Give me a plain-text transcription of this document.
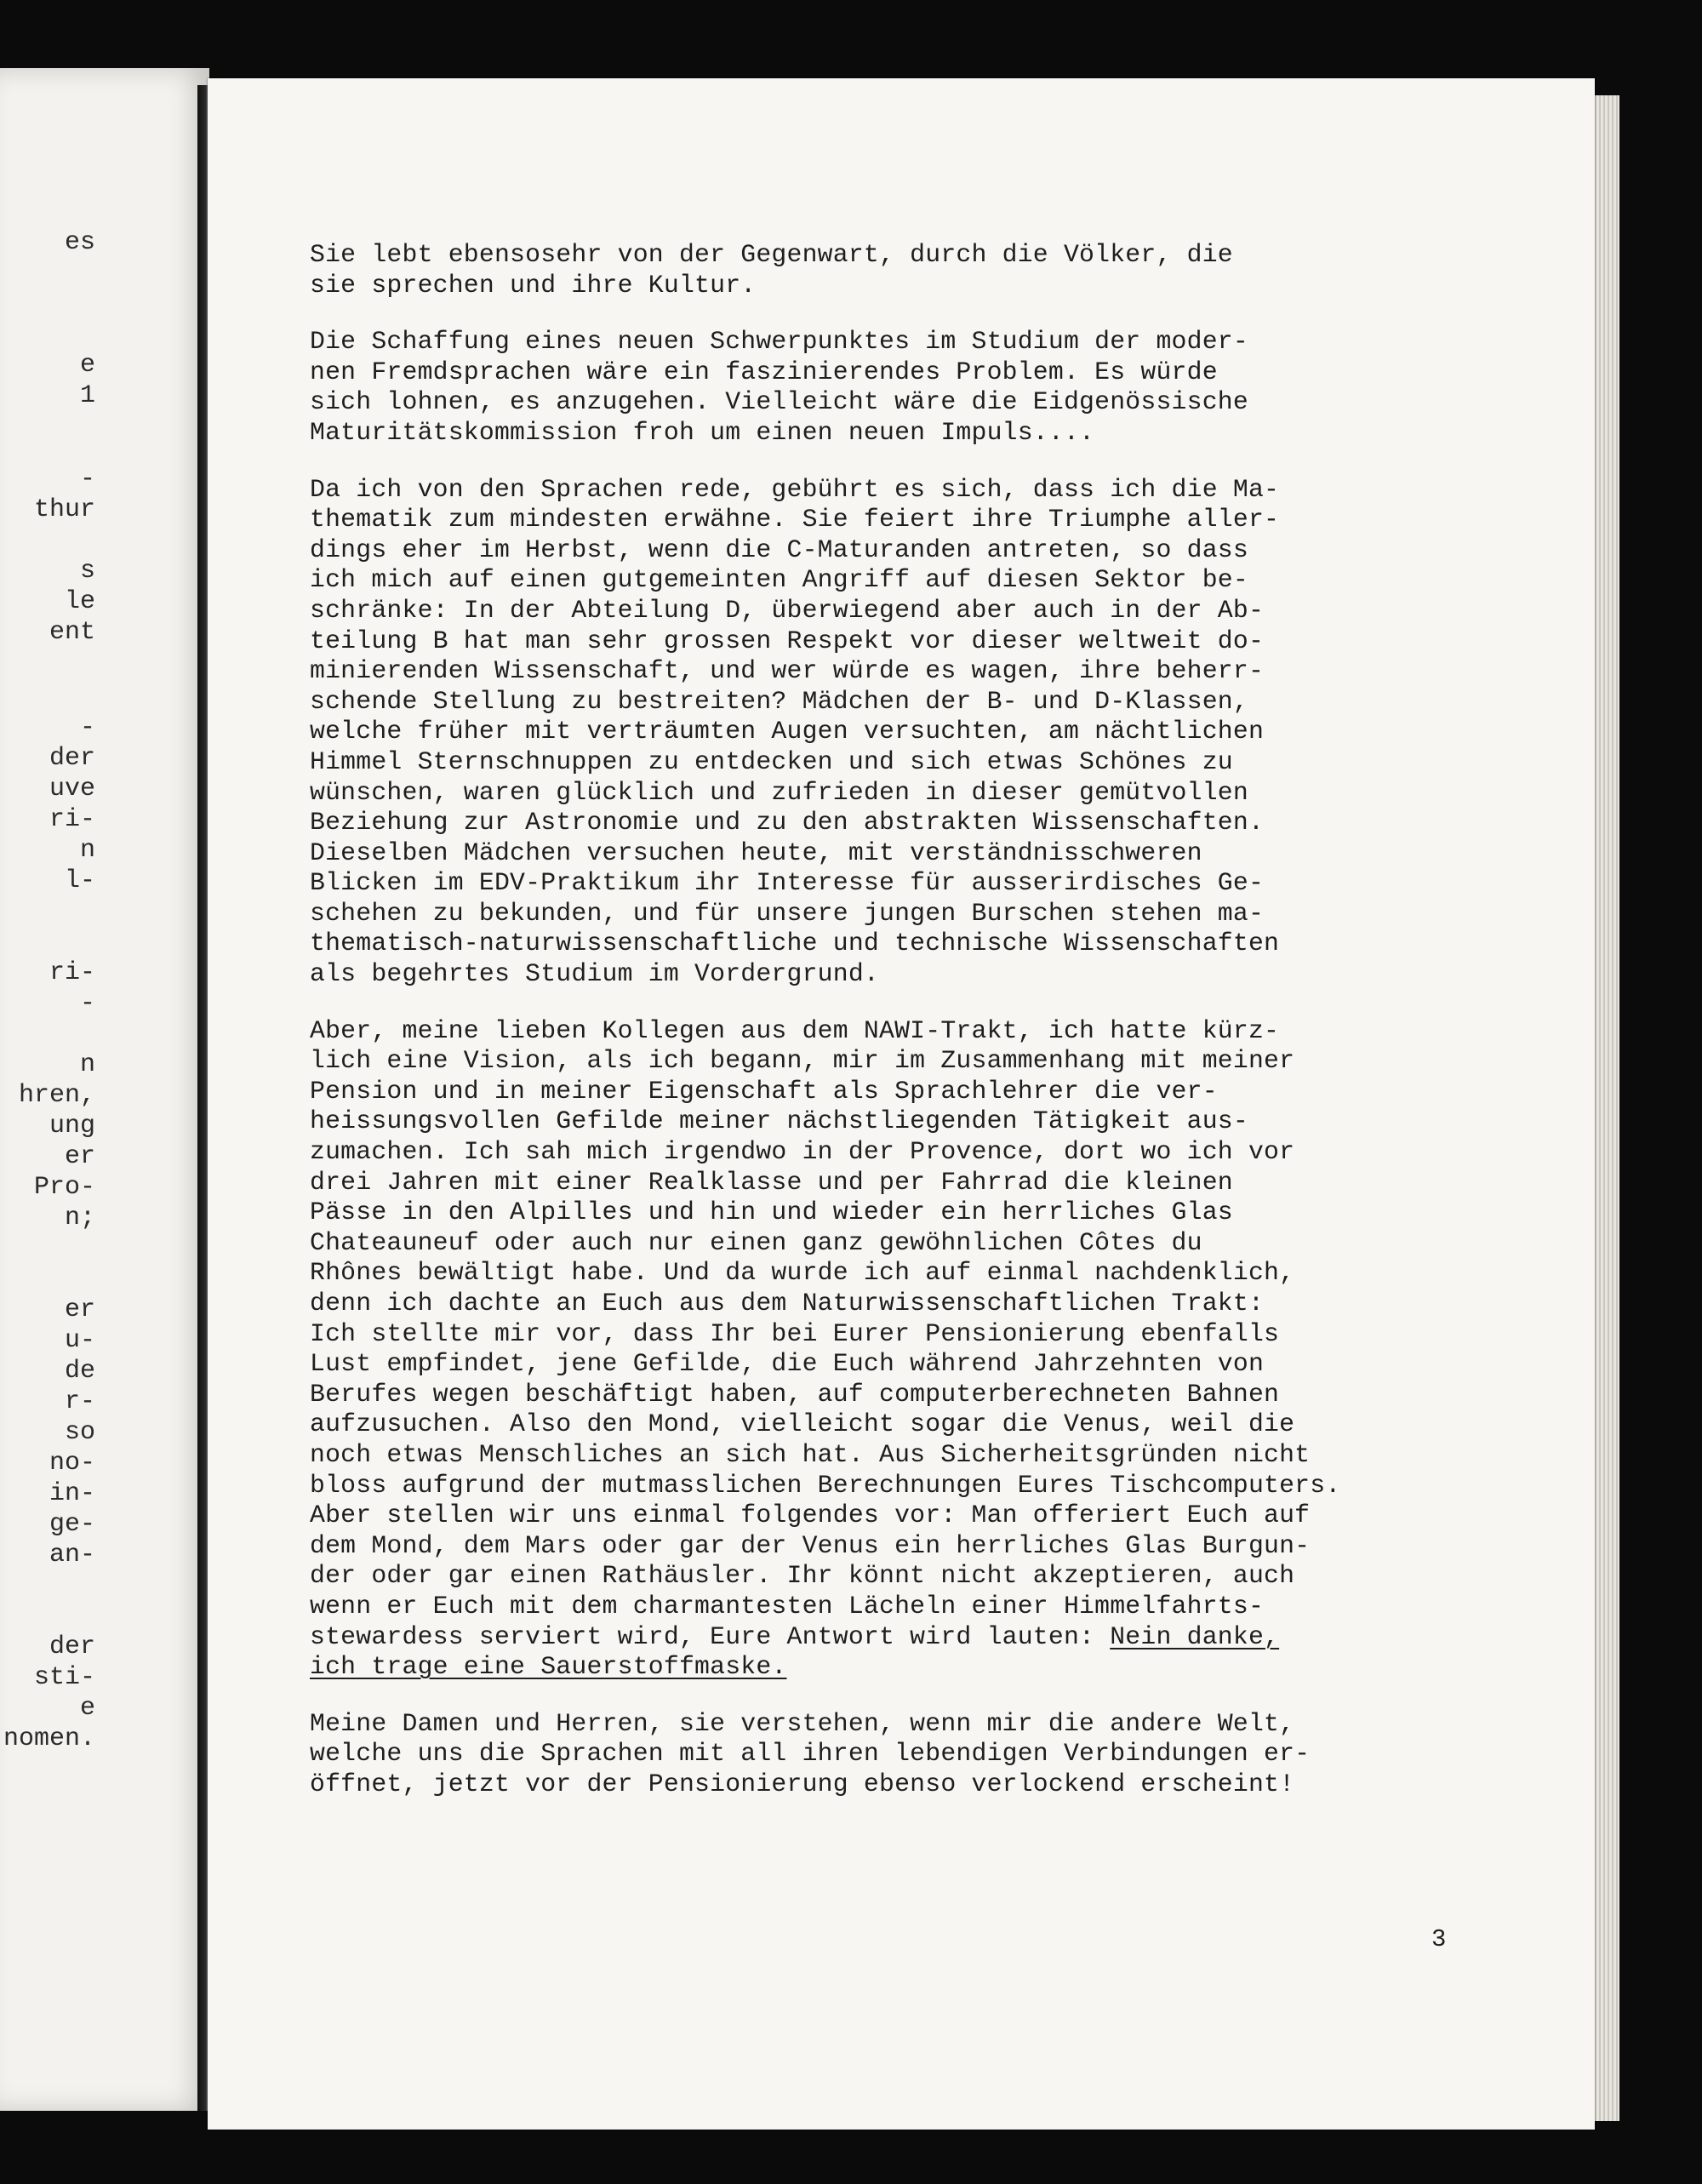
es
e
1
-
thur
s
le
ent
-
der
uve
ri-
n
l-
ri-
-
n
hren,
ung
er
Pro-
n;
er
u-
de
r-
so
no-
in-
ge-
an-
der
sti-
e
nomen.
Sie lebt ebensosehr von der Gegenwart, durch die Völker, die
sie sprechen und ihre Kultur.
Die Schaffung eines neuen Schwerpunktes im Studium der moder-
nen Fremdsprachen wäre ein faszinierendes Problem. Es würde
sich lohnen, es anzugehen. Vielleicht wäre die Eidgenössische
Maturitätskommission froh um einen neuen Impuls....
Da ich von den Sprachen rede, gebührt es sich, dass ich die Ma-
thematik zum mindesten erwähne. Sie feiert ihre Triumphe aller-
dings eher im Herbst, wenn die C-Maturanden antreten, so dass
ich mich auf einen gutgemeinten Angriff auf diesen Sektor be-
schränke: In der Abteilung D, überwiegend aber auch in der Ab-
teilung B hat man sehr grossen Respekt vor dieser weltweit do-
minierenden Wissenschaft, und wer würde es wagen, ihre beherr-
schende Stellung zu bestreiten? Mädchen der B- und D-Klassen,
welche früher mit verträumten Augen versuchten, am nächtlichen
Himmel Sternschnuppen zu entdecken und sich etwas Schönes zu
wünschen, waren glücklich und zufrieden in dieser gemütvollen
Beziehung zur Astronomie und zu den abstrakten Wissenschaften.
Dieselben Mädchen versuchen heute, mit verständnisschweren
Blicken im EDV-Praktikum ihr Interesse für ausserirdisches Ge-
schehen zu bekunden, und für unsere jungen Burschen stehen ma-
thematisch-naturwissenschaftliche und technische Wissenschaften
als begehrtes Studium im Vordergrund.
Aber, meine lieben Kollegen aus dem NAWI-Trakt, ich hatte kürz-
lich eine Vision, als ich begann, mir im Zusammenhang mit meiner
Pension und in meiner Eigenschaft als Sprachlehrer die ver-
heissungsvollen Gefilde meiner nächstliegenden Tätigkeit aus-
zumachen. Ich sah mich irgendwo in der Provence, dort wo ich vor
drei Jahren mit einer Realklasse und per Fahrrad die kleinen
Pässe in den Alpilles und hin und wieder ein herrliches Glas
Chateauneuf oder auch nur einen ganz gewöhnlichen Côtes du
Rhônes bewältigt habe. Und da wurde ich auf einmal nachdenklich,
denn ich dachte an Euch aus dem Naturwissenschaftlichen Trakt:
Ich stellte mir vor, dass Ihr bei Eurer Pensionierung ebenfalls
Lust empfindet, jene Gefilde, die Euch während Jahrzehnten von
Berufes wegen beschäftigt haben, auf computerberechneten Bahnen
aufzusuchen. Also den Mond, vielleicht sogar die Venus, weil die
noch etwas Menschliches an sich hat. Aus Sicherheitsgründen nicht
bloss aufgrund der mutmasslichen Berechnungen Eures Tischcomputers.
Aber stellen wir uns einmal folgendes vor: Man offeriert Euch auf
dem Mond, dem Mars oder gar der Venus ein herrliches Glas Burgun-
der oder gar einen Rathäusler. Ihr könnt nicht akzeptieren, auch
wenn er Euch mit dem charmantesten Lächeln einer Himmelfahrts-
stewardess serviert wird, Eure Antwort wird lauten: Nein danke,
ich trage eine Sauerstoffmaske.
Meine Damen und Herren, sie verstehen, wenn mir die andere Welt,
welche uns die Sprachen mit all ihren lebendigen Verbindungen er-
öffnet, jetzt vor der Pensionierung ebenso verlockend erscheint!
3
